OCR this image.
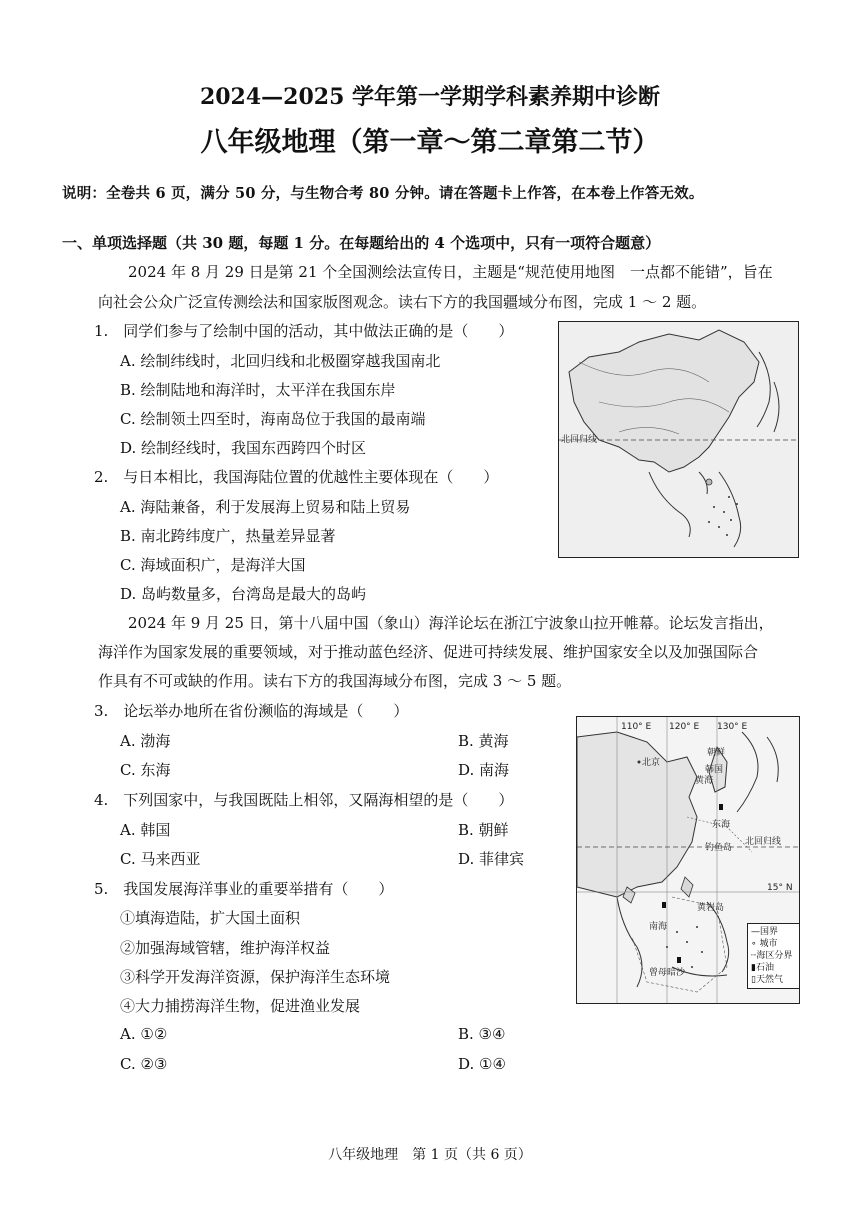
2024—2025 学年第一学期学科素养期中诊断
八年级地理（第一章～第二章第二节）
说明：全卷共 6 页，满分 50 分，与生物合考 80 分钟。请在答题卡上作答，在本卷上作答无效。
一、单项选择题（共 30 题，每题 1 分。在每题给出的 4 个选项中，只有一项符合题意）
2024 年 8 月 29 日是第 21 个全国测绘法宣传日，主题是“规范使用地图　一点都不能错”，旨在
向社会公众广泛宣传测绘法和国家版图观念。读右下方的我国疆域分布图，完成 1 ～ 2 题。
1.　同学们参与了绘制中国的活动，其中做法正确的是（　　）
A. 绘制纬线时，北回归线和北极圈穿越我国南北
B. 绘制陆地和海洋时，太平洋在我国东岸
C. 绘制领土四至时，海南岛位于我国的最南端
D. 绘制经线时，我国东西跨四个时区
2.　与日本相比，我国海陆位置的优越性主要体现在（　　）
A. 海陆兼备，利于发展海上贸易和陆上贸易
B. 南北跨纬度广，热量差异显著
C. 海域面积广，是海洋大国
D. 岛屿数量多，台湾岛是最大的岛屿
北回归线
2024 年 9 月 25 日，第十八届中国（象山）海洋论坛在浙江宁波象山拉开帷幕。论坛发言指出，
海洋作为国家发展的重要领域，对于推动蓝色经济、促进可持续发展、维护国家安全以及加强国际合
作具有不可或缺的作用。读右下方的我国海域分布图，完成 3 ～ 5 题。
3.　论坛举办地所在省份濒临的海域是（　　）
A. 渤海	B. 黄海
C. 东海	D. 南海
4.　下列国家中，与我国既陆上相邻，又隔海相望的是（　　）
A. 韩国	B. 朝鲜
C. 马来西亚	D. 菲律宾
5.　我国发展海洋事业的重要举措有（　　）
①填海造陆，扩大国土面积
②加强海域管辖，维护海洋权益
③科学开发海洋资源，保护海洋生态环境
④大力捕捞海洋生物，促进渔业发展
A. ①②	B. ③④
C. ②③	D. ①④
110° E 120° E 130° E
北京
朝鲜
韩国
黄海
东海
钓鱼岛
北回归线
黄岩岛
南海
15° N
曾母暗沙
—国界
∘ 城市
┈海区分界
▮石油
▯天然气
八年级地理　第 1 页（共 6 页）
